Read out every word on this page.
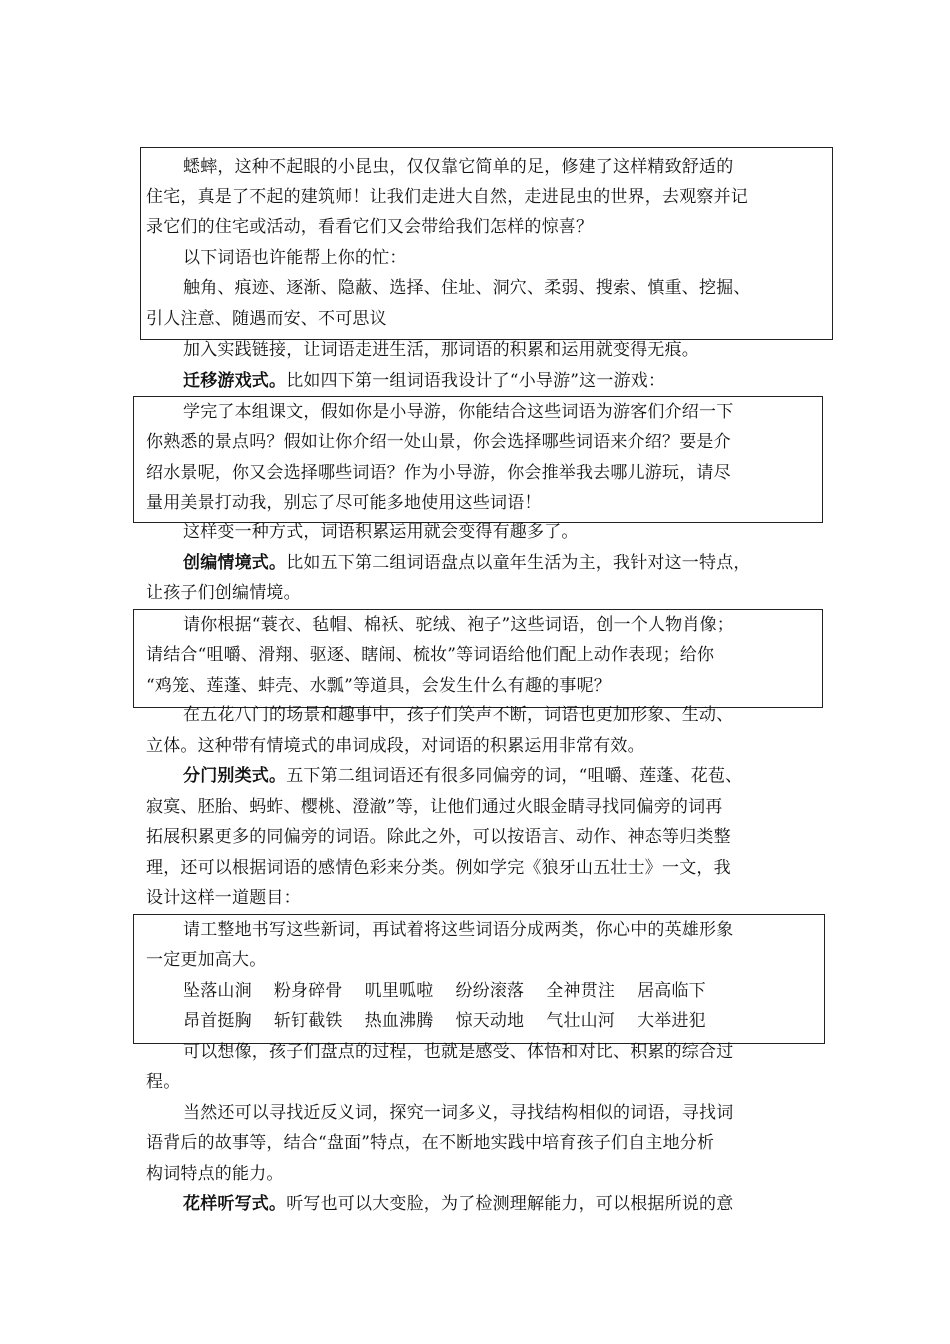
蟋蟀，这种不起眼的小昆虫，仅仅靠它简单的足，修建了这样精致舒适的
住宅，真是了不起的建筑师！让我们走进大自然，走进昆虫的世界，去观察并记
录它们的住宅或活动，看看它们又会带给我们怎样的惊喜？
以下词语也许能帮上你的忙：
触角、痕迹、逐渐、隐蔽、选择、住址、洞穴、柔弱、搜索、慎重、挖掘、
引人注意、随遇而安、不可思议
加入实践链接，让词语走进生活，那词语的积累和运用就变得无痕。
迁移游戏式。比如四下第一组词语我设计了“小导游”这一游戏：
学完了本组课文，假如你是小导游，你能结合这些词语为游客们介绍一下
你熟悉的景点吗？假如让你介绍一处山景，你会选择哪些词语来介绍？要是介
绍水景呢，你又会选择哪些词语？作为小导游，你会推举我去哪儿游玩，请尽
量用美景打动我，别忘了尽可能多地使用这些词语！
这样变一种方式，词语积累运用就会变得有趣多了。
创编情境式。比如五下第二组词语盘点以童年生活为主，我针对这一特点，
让孩子们创编情境。
请你根据“蓑衣、毡帽、棉袄、驼绒、袍子”这些词语，创一个人物肖像；
请结合“咀嚼、滑翔、驱逐、瞎闹、梳妆”等词语给他们配上动作表现；给你
“鸡笼、莲蓬、蚌壳、水瓢”等道具，会发生什么有趣的事呢？
在五花八门的场景和趣事中，孩子们笑声不断，词语也更加形象、生动、
立体。这种带有情境式的串词成段，对词语的积累运用非常有效。
分门别类式。五下第二组词语还有很多同偏旁的词，“咀嚼、莲蓬、花苞、
寂寞、胚胎、蚂蚱、樱桃、澄澈”等，让他们通过火眼金睛寻找同偏旁的词再
拓展积累更多的同偏旁的词语。除此之外，可以按语言、动作、神态等归类整
理，还可以根据词语的感情色彩来分类。例如学完《狼牙山五壮士》一文，我
设计这样一道题目：
请工整地书写这些新词，再试着将这些词语分成两类，你心中的英雄形象
一定更加高大。
坠落山涧 粉身碎骨 叽里呱啦 纷纷滚落 全神贯注 居高临下
昂首挺胸 斩钉截铁 热血沸腾 惊天动地 气壮山河 大举进犯
可以想像，孩子们盘点的过程，也就是感受、体悟和对比、积累的综合过
程。
当然还可以寻找近反义词，探究一词多义，寻找结构相似的词语，寻找词
语背后的故事等，结合“盘面”特点，在不断地实践中培育孩子们自主地分析
构词特点的能力。
花样听写式。听写也可以大变脸，为了检测理解能力，可以根据所说的意
